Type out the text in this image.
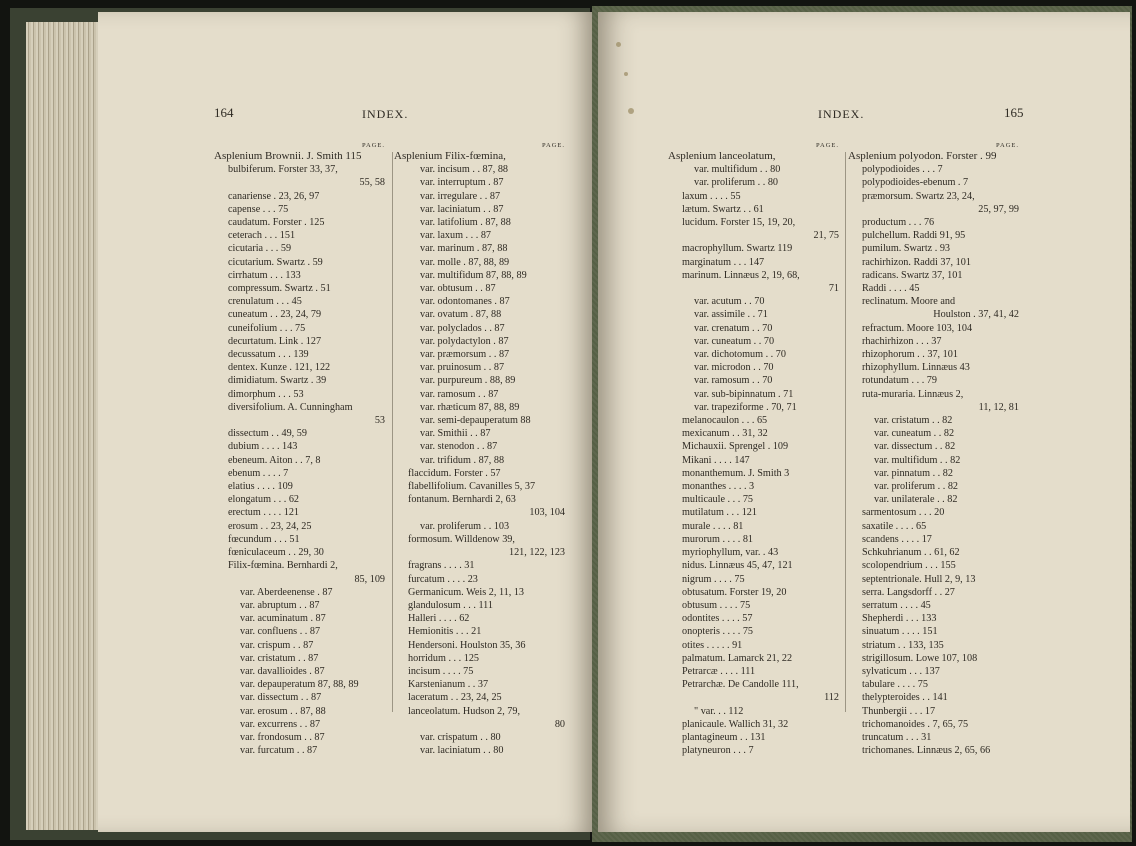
164	INDEX.
PAGE.
Asplenium Brownii. J. Smith 115
bulbiferum. Forster 33, 37,
55, 58
canariense . 23, 26, 97
capense . . . 75
caudatum. Forster . 125
ceterach . . . 151
cicutaria . . . 59
cicutarium. Swartz . 59
cirrhatum . . . 133
compressum. Swartz . 51
crenulatum . . . 45
cuneatum . . 23, 24, 79
cuneifolium . . . 75
decurtatum. Link . 127
decussatum . . . 139
dentex. Kunze . 121, 122
dimidiatum. Swartz . 39
dimorphum . . . 53
diversifolium. A. Cunningham
53
dissectum . . 49, 59
dubium . . . . 143
ebeneum. Aiton . . 7, 8
ebenum . . . . 7
elatius . . . . 109
elongatum . . . 62
erectum . . . . 121
erosum . . 23, 24, 25
fœcundum . . . 51
fœniculaceum . . 29, 30
Filix-fœmina. Bernhardi 2,
85, 109
var. Aberdeenense . 87
var. abruptum . . 87
var. acuminatum . 87
var. confluens . . 87
var. crispum . . 87
var. cristatum . . 87
var. davallioides . 87
var. depauperatum 87, 88, 89
var. dissectum . . 87
var. erosum . . 87, 88
var. excurrens . . 87
var. frondosum . . 87
var. furcatum . . 87
PAGE.
Asplenium Filix-fœmina,
var. incisum . . 87, 88
var. interruptum . 87
var. irregulare . . 87
var. laciniatum . . 87
var. latifolium . 87, 88
var. laxum . . . 87
var. marinum . 87, 88
var. molle . 87, 88, 89
var. multifidum 87, 88, 89
var. obtusum . . 87
var. odontomanes . 87
var. ovatum . 87, 88
var. polyclados . . 87
var. polydactylon . 87
var. præmorsum . . 87
var. pruinosum . . 87
var. purpureum . 88, 89
var. ramosum . . 87
var. rhæticum 87, 88, 89
var. semi-depauperatum 88
var. Smithii . . 87
var. stenodon . . 87
var. trifidum . 87, 88
flaccidum. Forster . 57
flabellifolium. Cavanilles 5, 37
fontanum. Bernhardi 2, 63
103, 104
var. proliferum . . 103
formosum. Willdenow 39,
121, 122, 123
fragrans . . . . 31
furcatum . . . . 23
Germanicum. Weis 2, 11, 13
glandulosum . . . 111
Halleri . . . . 62
Hemionitis . . . 21
Hendersoni. Houlston 35, 36
horridum . . . 125
incisum . . . . 75
Karstenianum . . 37
laceratum . . 23, 24, 25
lanceolatum. Hudson 2, 79,
80
var. crispatum . . 80
var. laciniatum . . 80
INDEX.	165
PAGE.
Asplenium lanceolatum,
var. multifidum . . 80
var. proliferum . . 80
laxum . . . . 55
lætum. Swartz . . 61
lucidum. Forster 15, 19, 20,
21, 75
macrophyllum. Swartz 119
marginatum . . . 147
marinum. Linnæus 2, 19, 68,
71
var. acutum . . 70
var. assimile . . 71
var. crenatum . . 70
var. cuneatum . . 70
var. dichotomum . . 70
var. microdon . . 70
var. ramosum . . 70
var. sub-bipinnatum . 71
var. trapeziforme . 70, 71
melanocaulon . . . 65
mexicanum . . 31, 32
Michauxii. Sprengel . 109
Mikani . . . . 147
monanthemum. J. Smith 3
monanthes . . . . 3
multicaule . . . 75
mutilatum . . . 121
murale . . . . 81
murorum . . . . 81
myriophyllum, var. . 43
nidus. Linnæus 45, 47, 121
nigrum . . . . 75
obtusatum. Forster 19, 20
obtusum . . . . 75
odontites . . . . 57
onopteris . . . . 75
otites . . . . . 91
palmatum. Lamarck 21, 22
Petrarcæ . . . . 111
Petrarchæ. De Candolle 111,
112
" var. . . 112
planicaule. Wallich 31, 32
plantagineum . . 131
platyneuron . . . 7
PAGE.
Asplenium polyodon. Forster . 99
polypodioides . . . 7
polypodioides-ebenum . 7
præmorsum. Swartz 23, 24,
25, 97, 99
productum . . . 76
pulchellum. Raddi 91, 95
pumilum. Swartz . 93
rachirhizon. Raddi 37, 101
radicans. Swartz 37, 101
Raddi . . . . 45
reclinatum. Moore and
Houlston . 37, 41, 42
refractum. Moore 103, 104
rhachirhizon . . . 37
rhizophorum . . 37, 101
rhizophyllum. Linnæus 43
rotundatum . . . 79
ruta-muraria. Linnæus 2,
11, 12, 81
var. cristatum . . 82
var. cuneatum . . 82
var. dissectum . . 82
var. multifidum . . 82
var. pinnatum . . 82
var. proliferum . . 82
var. unilaterale . . 82
sarmentosum . . . 20
saxatile . . . . 65
scandens . . . . 17
Schkuhrianum . . 61, 62
scolopendrium . . . 155
septentrionale. Hull 2, 9, 13
serra. Langsdorff . . 27
serratum . . . . 45
Shepherdi . . . 133
sinuatum . . . . 151
striatum . . 133, 135
strigillosum. Lowe 107, 108
sylvaticum . . . 137
tabulare . . . . 75
thelypteroides . . 141
Thunbergii . . . 17
trichomanoides . 7, 65, 75
truncatum . . . 31
trichomanes. Linnæus 2, 65, 66
